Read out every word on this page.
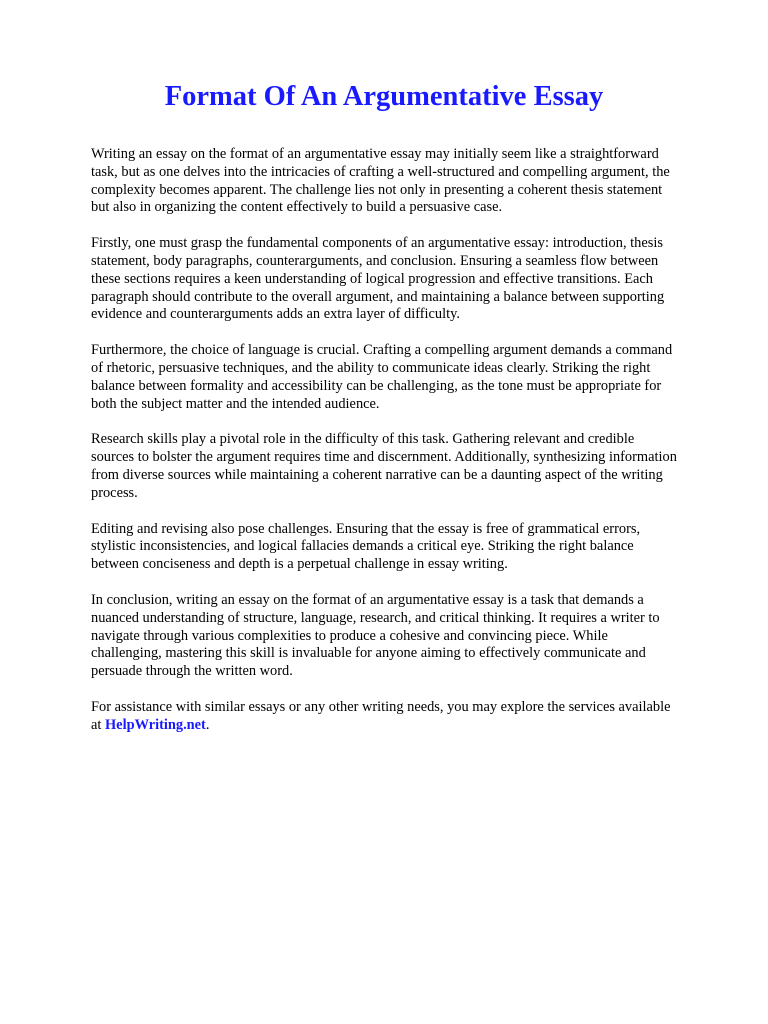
Format Of An Argumentative Essay

Writing an essay on the format of an argumentative essay may initially seem like a straightforward
task, but as one delves into the intricacies of crafting a well-structured and compelling argument, the
complexity becomes apparent. The challenge lies not only in presenting a coherent thesis statement
but also in organizing the content effectively to build a persuasive case.

Firstly, one must grasp the fundamental components of an argumentative essay: introduction, thesis
statement, body paragraphs, counterarguments, and conclusion. Ensuring a seamless flow between
these sections requires a keen understanding of logical progression and effective transitions. Each
paragraph should contribute to the overall argument, and maintaining a balance between supporting
evidence and counterarguments adds an extra layer of difficulty.

Furthermore, the choice of language is crucial. Crafting a compelling argument demands a command
of rhetoric, persuasive techniques, and the ability to communicate ideas clearly. Striking the right
balance between formality and accessibility can be challenging, as the tone must be appropriate for
both the subject matter and the intended audience.

Research skills play a pivotal role in the difficulty of this task. Gathering relevant and credible
sources to bolster the argument requires time and discernment. Additionally, synthesizing information
from diverse sources while maintaining a coherent narrative can be a daunting aspect of the writing
process.

Editing and revising also pose challenges. Ensuring that the essay is free of grammatical errors,
stylistic inconsistencies, and logical fallacies demands a critical eye. Striking the right balance
between conciseness and depth is a perpetual challenge in essay writing.

In conclusion, writing an essay on the format of an argumentative essay is a task that demands a
nuanced understanding of structure, language, research, and critical thinking. It requires a writer to
navigate through various complexities to produce a cohesive and convincing piece. While
challenging, mastering this skill is invaluable for anyone aiming to effectively communicate and
persuade through the written word.

For assistance with similar essays or any other writing needs, you may explore the services available
at HelpWriting.net.
